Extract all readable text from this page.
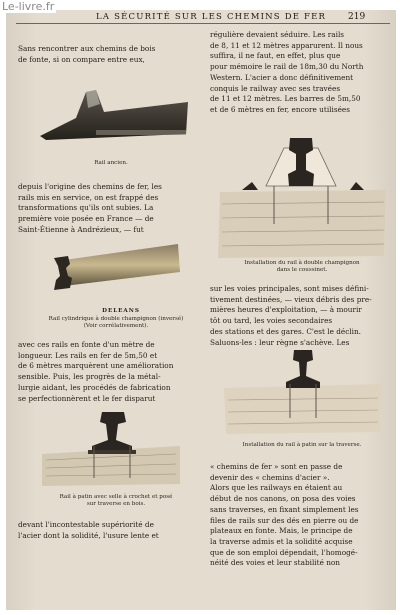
Le-livre.fr
LA SÉCURITÉ SUR LES CHEMINS DE FER	219
Sans rencontrer aux chemins de bois
de fonte, si on compare entre eux,
Rail ancien.
depuis l'origine des chemins de fer, les
rails mis en service, on est frappé des
transformations qu'ils ont subies. La
première voie posée en France — de
Saint-Étienne à Andrézieux, — fut
DELEANS
Rail cylindrique à double champignon (inversé)
(Voir corrélativement).
avec ces rails en fonte d'un mètre de
longueur. Les rails en fer de 5m,50 et
de 6 mètres marquèrent une amélioration
sensible. Puis, les progrès de la métal-
lurgie aidant, les procédés de fabrication
se perfectionnèrent et le fer disparut
Rail à patin avec selle à crochet et posé
sur traverse en bois.
devant l'incontestable supériorité de
l'acier dont la solidité, l'usure lente et
régulière devaient séduire. Les rails
de 8, 11 et 12 mètres apparurent. Il nous
suffira, il ne faut, en effet, plus que
pour mémoire le rail de 18m,30 du North
Western. L'acier a donc définitivement
conquis le railway avec ses travées
de 11 et 12 mètres. Les barres de 5m,50
et de 6 mètres en fer, encore utilisées
Installation du rail à double champignon
dans le coussinet.
sur les voies principales, sont mises défini-
tivement destinées, — vieux débris des pre-
mières heures d'exploitation, — à mourir
tôt ou tard, les voies secondaires
des stations et des gares. C'est le déclin.
Saluons-les : leur règne s'achève. Les
Installation du rail à patin sur la traverse.
« chemins de fer » sont en passe de
devenir des « chemins d'acier ».
Alors que les railways en étaient au
début de nos canons, on posa des voies
sans traverses, en fixant simplement les
files de rails sur des dés en pierre ou de
plateaux en fonte. Mais, le principe de
la traverse admis et la solidité acquise
que de son emploi dépendait, l'homogé-
néité des voies et leur stabilité non
